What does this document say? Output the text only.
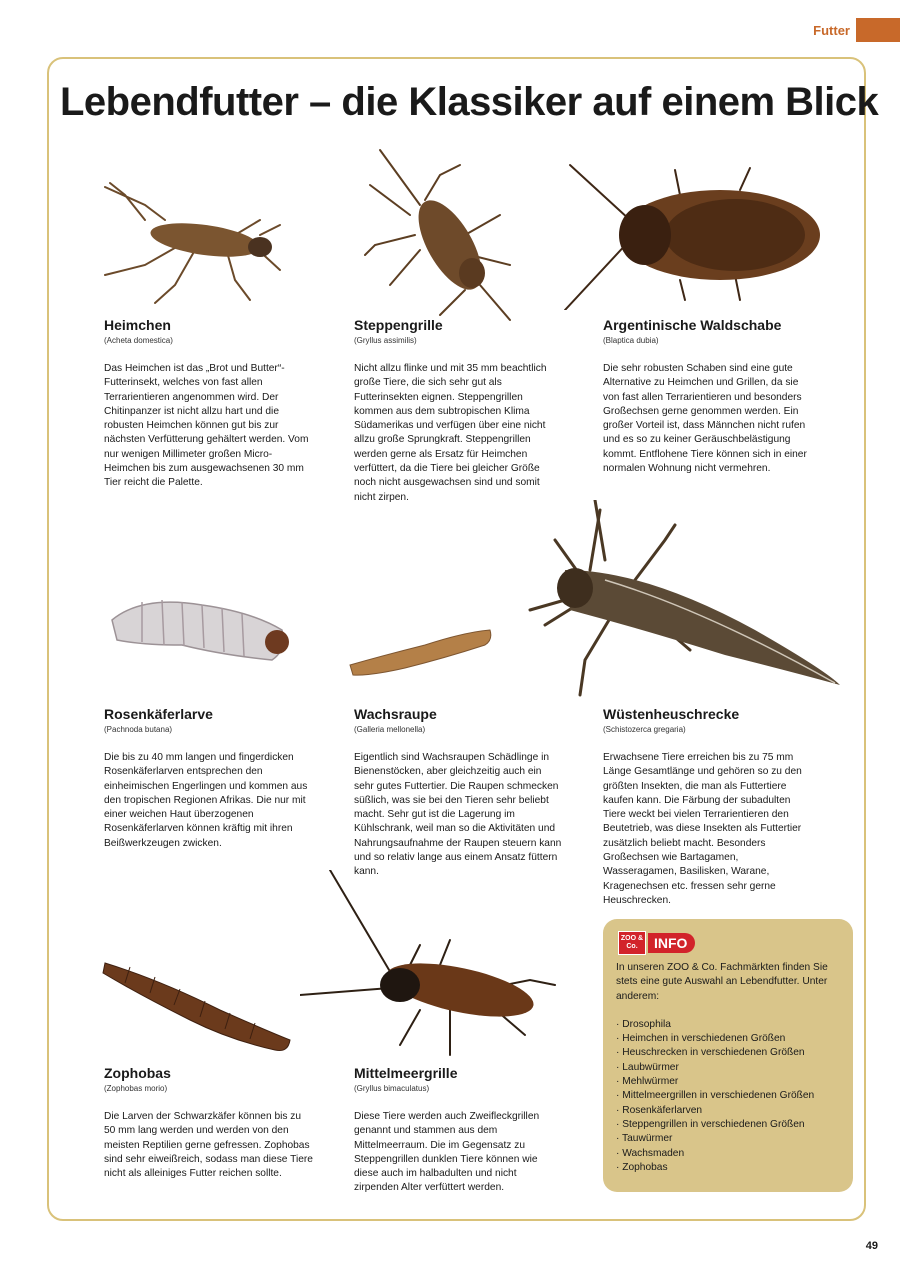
Futter
Lebendfutter – die Klassiker auf einem Blick
Heimchen
(Acheta domestica)

Das Heimchen ist das „Brot und Butter“-Futterinsekt, welches von fast allen Terrarientieren angenommen wird. Der Chitinpanzer ist nicht allzu hart und die robusten Heimchen können gut bis zur nächsten Verfütterung gehältert werden. Vom nur wenigen Millimeter großen Micro-Heimchen bis zum ausgewachsenen 30 mm Tier reicht die Palette.

Steppengrille
(Gryllus assimilis)

Nicht allzu flinke und mit 35 mm beachtlich große Tiere, die sich sehr gut als Futterinsekten eignen. Steppengrillen kommen aus dem subtropischen Klima Südamerikas und verfügen über eine nicht allzu große Sprungkraft. Steppengrillen werden gerne als Ersatz für Heimchen verfüttert, da die Tiere bei gleicher Größe noch nicht ausgewachsen sind und somit nicht zirpen.

Argentinische Waldschabe
(Blaptica dubia)

Die sehr robusten Schaben sind eine gute Alternative zu Heimchen und Grillen, da sie von fast allen Terrarientieren und besonders Großechsen gerne genommen werden. Ein großer Vorteil ist, dass Männchen nicht rufen und es so zu keiner Geräuschbelästigung kommt. Entflohene Tiere können sich in einer normalen Wohnung nicht vermehren.

Rosenkäferlarve
(Pachnoda butana)

Die bis zu 40 mm langen und fingerdicken Rosenkäferlarven entsprechen den einheimischen Engerlingen und kommen aus den tropischen Regionen Afrikas. Die nur mit einer weichen Haut überzogenen Rosenkäferlarven können kräftig mit ihren Beißwerkzeugen zwicken.

Wachsraupe
(Galleria mellonella)

Eigentlich sind Wachsraupen Schädlinge in Bienenstöcken, aber gleichzeitig auch ein sehr gutes Futtertier. Die Raupen schmecken süßlich, was sie bei den Tieren sehr beliebt macht. Sehr gut ist die Lagerung im Kühlschrank, weil man so die Aktivitäten und Nahrungsaufnahme der Raupen steuern kann und so relativ lange aus einem Ansatz füttern kann.

Wüstenheuschrecke
(Schistozerca gregaria)

Erwachsene Tiere erreichen bis zu 75 mm Länge Gesamtlänge und gehören so zu den größten Insekten, die man als Futtertiere kaufen kann. Die Färbung der subadulten Tiere weckt bei vielen Terrarientieren den Beutetrieb, was diese Insekten als Futtertier zusätzlich beliebt macht. Besonders Großechsen wie Bartagamen, Wasseragamen, Basilisken, Warane, Kragenechsen etc. fressen sehr gerne Heuschrecken.

Zophobas
(Zophobas morio)

Die Larven der Schwarzkäfer können bis zu 50 mm lang werden und werden von den meisten Reptilien gerne gefressen. Zophobas sind sehr eiweißreich, sodass man diese Tiere nicht als alleiniges Futter reichen sollte.

Mittelmeergrille
(Gryllus bimaculatus)

Diese Tiere werden auch Zweifleckgrillen genannt und stammen aus dem Mittelmeerraum. Die im Gegensatz zu Steppengrillen dunklen Tiere können wie diese auch im halbadulten und nicht zirpenden Alter verfüttert werden.

ZOO & Co.	INFO

In unseren ZOO & Co. Fachmärkten finden Sie stets eine gute Auswahl an Lebendfutter. Unter anderem:

· Drosophila
· Heimchen in verschiedenen Größen
· Heuschrecken in verschiedenen Größen
· Laubwürmer
· Mehlwürmer
· Mittelmeergrillen in verschiedenen Größen
· Rosenkäferlarven
· Steppengrillen in verschiedenen Größen
· Tauwürmer
· Wachsmaden
· Zophobas
49
